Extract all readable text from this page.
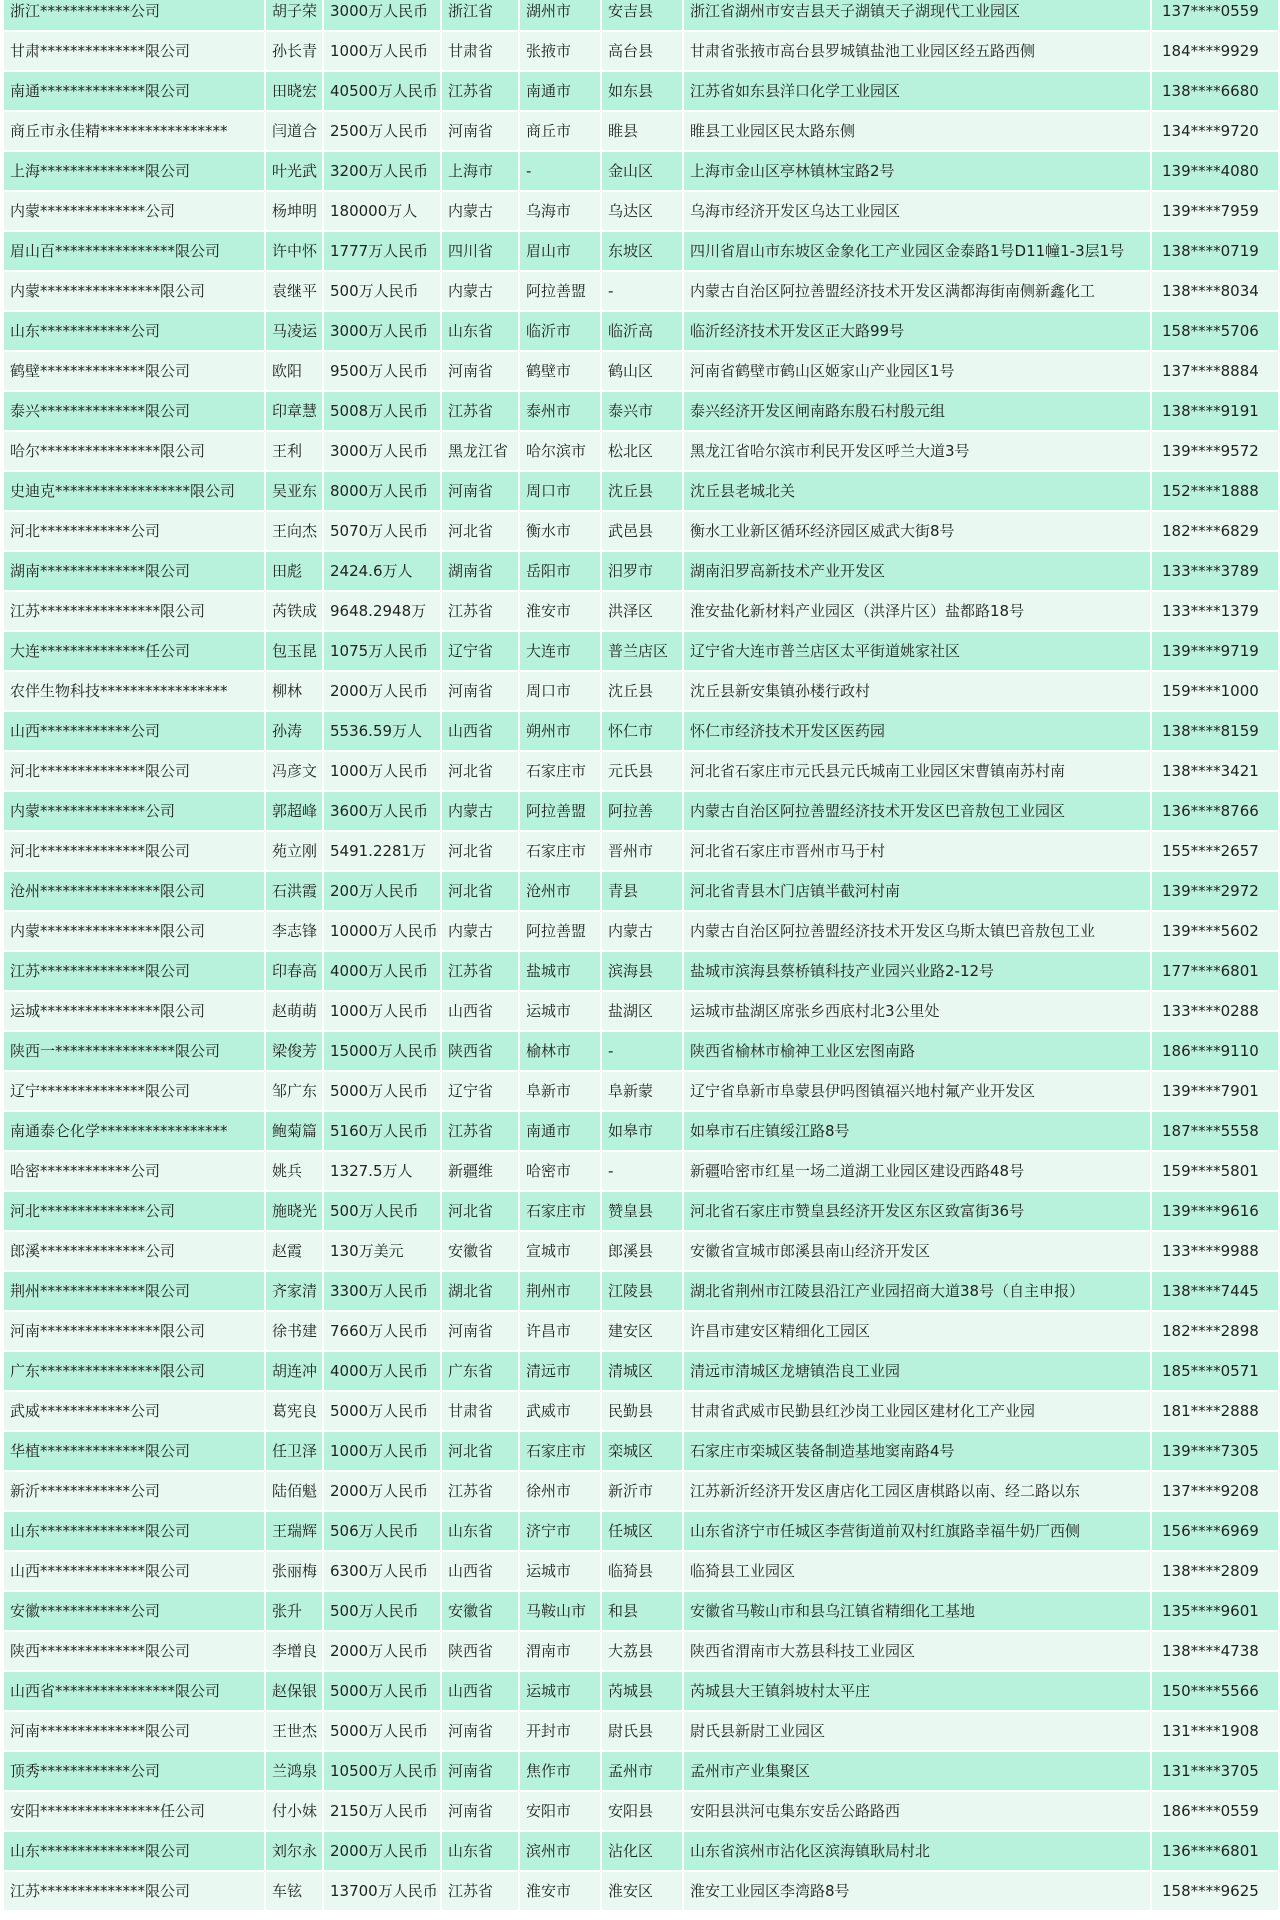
浙江************公司	胡子荣	3000万人民币	浙江省	湖州市	安吉县	浙江省湖州市安吉县天子湖镇天子湖现代工业园区	137****0559
甘肃**************限公司	孙长青	1000万人民币	甘肃省	张掖市	高台县	甘肃省张掖市高台县罗城镇盐池工业园区经五路西侧	184****9929
南通**************限公司	田晓宏	40500万人民币	江苏省	南通市	如东县	江苏省如东县洋口化学工业园区	138****6680
商丘市永佳精*****************	闫道合	2500万人民币	河南省	商丘市	睢县	睢县工业园区民太路东侧	134****9720
上海**************限公司	叶光武	3200万人民币	上海市	-	金山区	上海市金山区亭林镇林宝路2号	139****4080
内蒙**************公司	杨坤明	180000万人	内蒙古	乌海市	乌达区	乌海市经济开发区乌达工业园区	139****7959
眉山百****************限公司	许中怀	1777万人民币	四川省	眉山市	东坡区	四川省眉山市东坡区金象化工产业园区金泰路1号D11幢1-3层1号	138****0719
内蒙****************限公司	袁继平	500万人民币	内蒙古	阿拉善盟	-	内蒙古自治区阿拉善盟经济技术开发区满都海街南侧新鑫化工	138****8034
山东************公司	马凌运	3000万人民币	山东省	临沂市	临沂高	临沂经济技术开发区正大路99号	158****5706
鹤壁**************限公司	欧阳	9500万人民币	河南省	鹤壁市	鹤山区	河南省鹤壁市鹤山区姬家山产业园区1号	137****8884
泰兴**************限公司	印章慧	5008万人民币	江苏省	泰州市	泰兴市	泰兴经济开发区闸南路东殷石村殷元组	138****9191
哈尔****************限公司	王利	3000万人民币	黑龙江省	哈尔滨市	松北区	黑龙江省哈尔滨市利民开发区呼兰大道3号	139****9572
史迪克******************限公司	吴亚东	8000万人民币	河南省	周口市	沈丘县	沈丘县老城北关	152****1888
河北************公司	王向杰	5070万人民币	河北省	衡水市	武邑县	衡水工业新区循环经济园区威武大街8号	182****6829
湖南**************限公司	田彪	2424.6万人	湖南省	岳阳市	汨罗市	湖南汨罗高新技术产业开发区	133****3789
江苏****************限公司	芮铁成	9648.2948万	江苏省	淮安市	洪泽区	淮安盐化新材料产业园区（洪泽片区）盐都路18号	133****1379
大连**************任公司	包玉昆	1075万人民币	辽宁省	大连市	普兰店区	辽宁省大连市普兰店区太平街道姚家社区	139****9719
农伴生物科技*****************	柳林	2000万人民币	河南省	周口市	沈丘县	沈丘县新安集镇孙楼行政村	159****1000
山西************公司	孙涛	5536.59万人	山西省	朔州市	怀仁市	怀仁市经济技术开发区医药园	138****8159
河北**************限公司	冯彦文	1000万人民币	河北省	石家庄市	元氏县	河北省石家庄市元氏县元氏城南工业园区宋曹镇南苏村南	138****3421
内蒙**************公司	郭超峰	3600万人民币	内蒙古	阿拉善盟	阿拉善	内蒙古自治区阿拉善盟经济技术开发区巴音敖包工业园区	136****8766
河北**************限公司	苑立刚	5491.2281万	河北省	石家庄市	晋州市	河北省石家庄市晋州市马于村	155****2657
沧州****************限公司	石洪霞	200万人民币	河北省	沧州市	青县	河北省青县木门店镇半截河村南	139****2972
内蒙****************限公司	李志锋	10000万人民币	内蒙古	阿拉善盟	内蒙古	内蒙古自治区阿拉善盟经济技术开发区乌斯太镇巴音敖包工业	139****5602
江苏**************限公司	印春高	4000万人民币	江苏省	盐城市	滨海县	盐城市滨海县蔡桥镇科技产业园兴业路2-12号	177****6801
运城****************限公司	赵萌萌	1000万人民币	山西省	运城市	盐湖区	运城市盐湖区席张乡西底村北3公里处	133****0288
陕西一****************限公司	梁俊芳	15000万人民币	陕西省	榆林市	-	陕西省榆林市榆神工业区宏图南路	186****9110
辽宁**************限公司	邹广东	5000万人民币	辽宁省	阜新市	阜新蒙	辽宁省阜新市阜蒙县伊吗图镇福兴地村氟产业开发区	139****7901
南通泰仑化学*****************	鲍菊篇	5160万人民币	江苏省	南通市	如皋市	如皋市石庄镇绥江路8号	187****5558
哈密************公司	姚兵	1327.5万人	新疆维	哈密市	-	新疆哈密市红星一场二道湖工业园区建设西路48号	159****5801
河北**************公司	施晓光	500万人民币	河北省	石家庄市	赞皇县	河北省石家庄市赞皇县经济开发区东区致富街36号	139****9616
郎溪**************公司	赵霞	130万美元	安徽省	宣城市	郎溪县	安徽省宣城市郎溪县南山经济开发区	133****9988
荆州**************限公司	齐家清	3300万人民币	湖北省	荆州市	江陵县	湖北省荆州市江陵县沿江产业园招商大道38号（自主申报）	138****7445
河南****************限公司	徐书建	7660万人民币	河南省	许昌市	建安区	许昌市建安区精细化工园区	182****2898
广东****************限公司	胡连冲	4000万人民币	广东省	清远市	清城区	清远市清城区龙塘镇浩良工业园	185****0571
武威************公司	葛宪良	5000万人民币	甘肃省	武威市	民勤县	甘肃省武威市民勤县红沙岗工业园区建材化工产业园	181****2888
华植**************限公司	任卫泽	1000万人民币	河北省	石家庄市	栾城区	石家庄市栾城区装备制造基地窦南路4号	139****7305
新沂************公司	陆佰魁	2000万人民币	江苏省	徐州市	新沂市	江苏新沂经济开发区唐店化工园区唐棋路以南、经二路以东	137****9208
山东**************限公司	王瑞辉	506万人民币	山东省	济宁市	任城区	山东省济宁市任城区李营街道前双村红旗路幸福牛奶厂西侧	156****6969
山西**************限公司	张丽梅	6300万人民币	山西省	运城市	临猗县	临猗县工业园区	138****2809
安徽************公司	张升	500万人民币	安徽省	马鞍山市	和县	安徽省马鞍山市和县乌江镇省精细化工基地	135****9601
陕西**************限公司	李增良	2000万人民币	陕西省	渭南市	大荔县	陕西省渭南市大荔县科技工业园区	138****4738
山西省****************限公司	赵保银	5000万人民币	山西省	运城市	芮城县	芮城县大王镇斜坡村太平庄	150****5566
河南**************限公司	王世杰	5000万人民币	河南省	开封市	尉氏县	尉氏县新尉工业园区	131****1908
顶秀************公司	兰鸿泉	10500万人民币	河南省	焦作市	孟州市	孟州市产业集聚区	131****3705
安阳****************任公司	付小妹	2150万人民币	河南省	安阳市	安阳县	安阳县洪河屯集东安岳公路路西	186****0559
山东**************限公司	刘尔永	2000万人民币	山东省	滨州市	沾化区	山东省滨州市沾化区滨海镇耿局村北	136****6801
江苏**************限公司	车铉	13700万人民币	江苏省	淮安市	淮安区	淮安工业园区李湾路8号	158****9625
